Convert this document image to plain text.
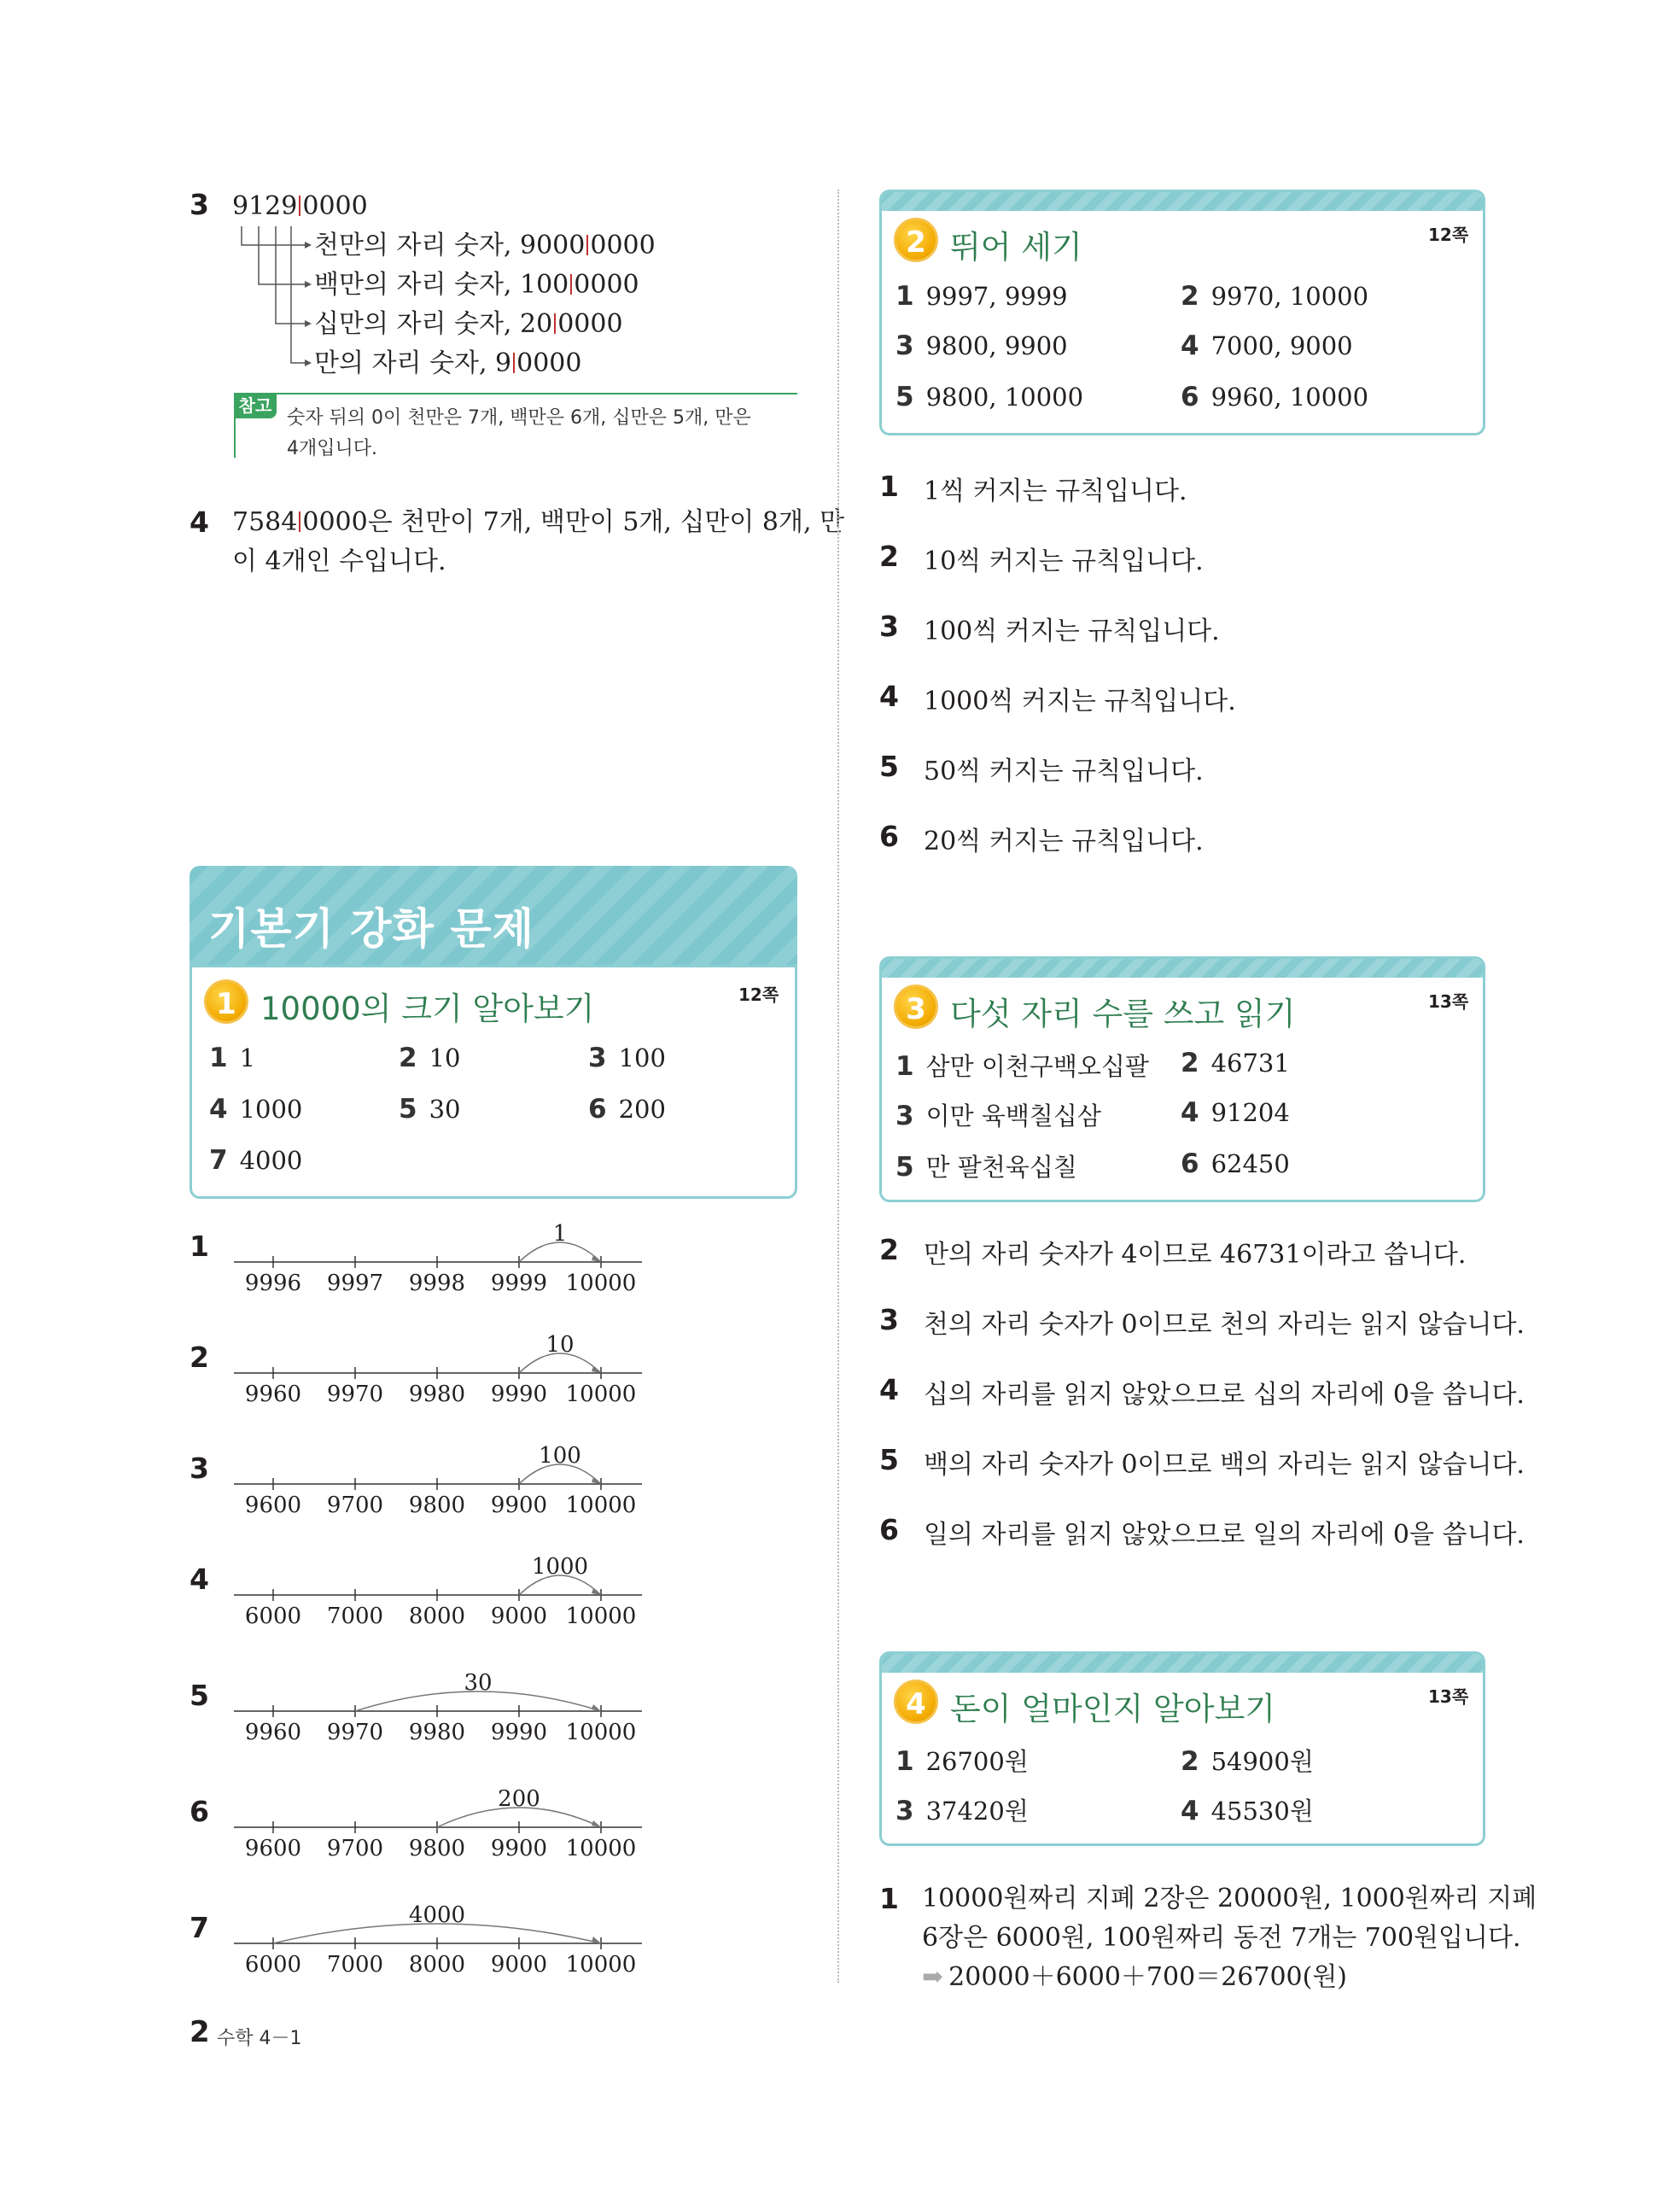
3 9129 0000
천만의 자리 숫자, 9000 0000
백만의 자리 숫자, 100 0000
십만의 자리 숫자, 20 0000
만의 자리 숫자, 9 0000
참고
숫자 뒤의 0이 천만은 7개, 백만은 6개, 십만은 5개, 만은
4개입니다.
4 7584 0000은 천만이 7개, 백만이 5개, 십만이 8개, 만
이 4개인 수입니다.
기본기 강화 문제
1 10000의 크기 알아보기	12쪽
1 1	2 10	3 100
4 1000	5 30	6 200
7 4000
1	1
9996	9997	9998	9999 10000
2	10
9960	9970	9980	9990 10000
3	100
9600	9700	9800	9900 10000
4	1000
6000	7000	8000	9000 10000
5	30
9960	9970	9980	9990 10000
6	200
9600	9700	9800	9900 10000
7	4000
6000	7000	8000	9000 10000
2 수학 4－1
2 뛰어 세기	12쪽
1 9997, 9999	2 9970, 10000
3 9800, 9900	4 7000, 9000
5 9800, 10000	6 9960, 10000
1 1씩 커지는 규칙입니다.
2 10씩 커지는 규칙입니다.
3 100씩 커지는 규칙입니다.
4 1000씩 커지는 규칙입니다.
5 50씩 커지는 규칙입니다.
6 20씩 커지는 규칙입니다.
3 다섯 자리 수를 쓰고 읽기	13쪽
1 삼만 이천구백오십팔 2 46731
3 이만 육백칠십삼	4 91204
5 만 팔천육십칠	6 62450
2 만의 자리 숫자가 4이므로 46731이라고 씁니다.
3 천의 자리 숫자가 0이므로 천의 자리는 읽지 않습니다.
4 십의 자리를 읽지 않았으므로 십의 자리에 0을 씁니다.
5 백의 자리 숫자가 0이므로 백의 자리는 읽지 않습니다.
6 일의 자리를 읽지 않았으므로 일의 자리에 0을 씁니다.
4 돈이 얼마인지 알아보기	13쪽
1 26700원	2 54900원
3 37420원	4 45530원
1 10000원짜리 지폐 2장은 20000원, 1000원짜리 지폐
6장은 6000원, 100원짜리 동전 7개는 700원입니다.
➡ 20000＋6000＋700＝26700(원)
